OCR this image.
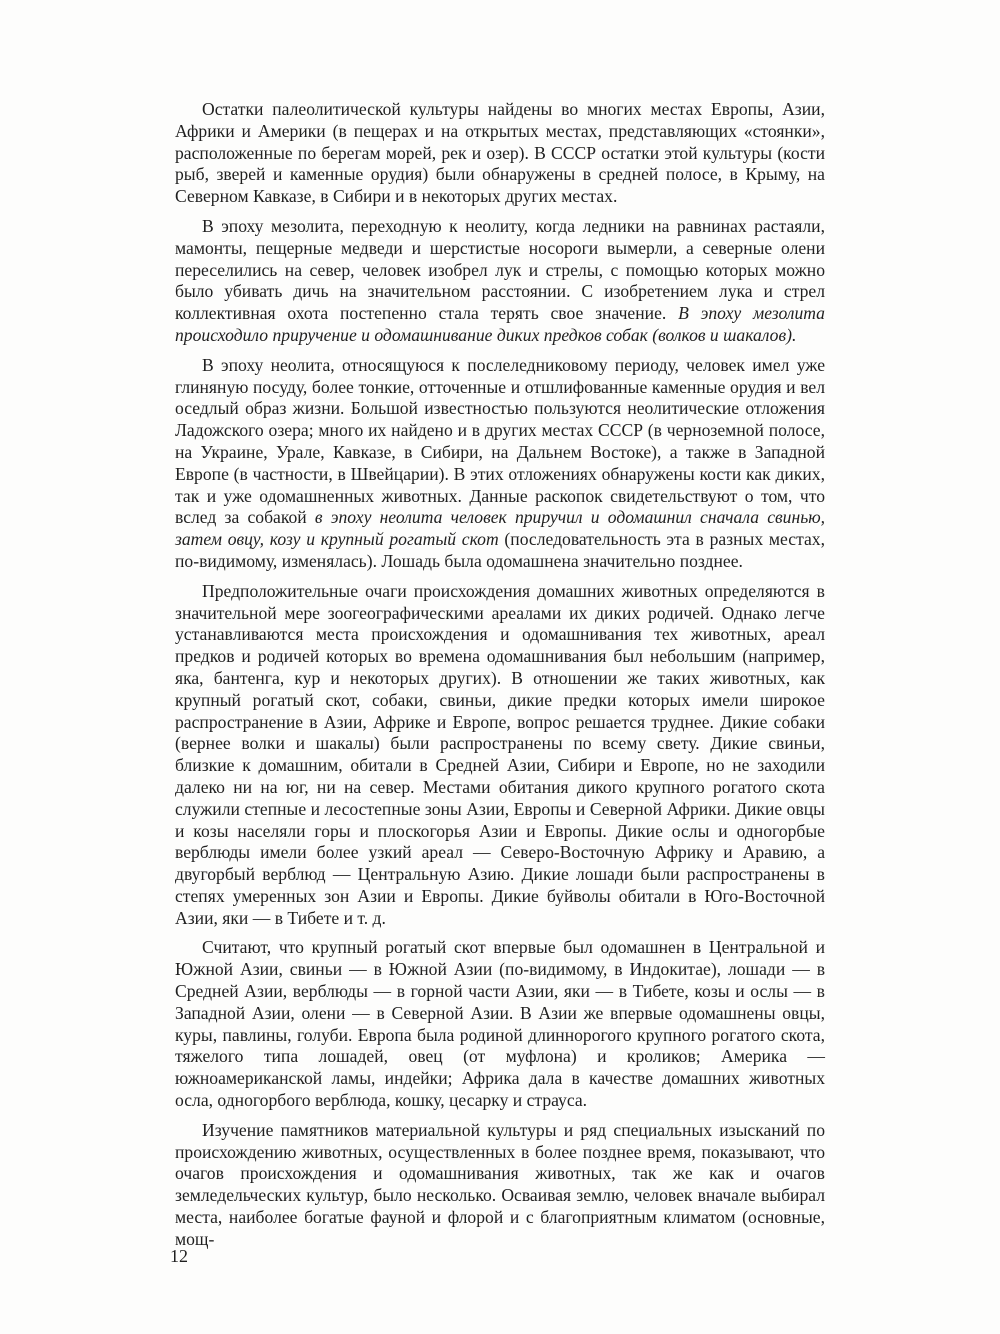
Остатки палеолитической культуры найдены во многих местах Европы, Азии, Африки и Америки (в пещерах и на открытых местах, представляющих «стоянки», расположенные по берегам морей, рек и озер). В СССР остатки этой культуры (кости рыб, зверей и каменные орудия) были обнаружены в средней полосе, в Крыму, на Северном Кавказе, в Сибири и в некоторых других местах.

В эпоху мезолита, переходную к неолиту, когда ледники на равнинах растаяли, мамонты, пещерные медведи и шерстистые носороги вымерли, а северные олени переселились на север, человек изобрел лук и стрелы, с помощью которых можно было убивать дичь на значительном расстоянии. С изобретением лука и стрел коллективная охота постепенно стала терять свое значение. В эпоху мезолита происходило приручение и одомашнивание диких предков собак (волков и шакалов).

В эпоху неолита, относящуюся к послеледниковому периоду, человек имел уже глиняную посуду, более тонкие, отточенные и отшлифованные каменные орудия и вел оседлый образ жизни. Большой известностью пользуются неолитические отложения Ладожского озера; много их найдено и в других местах СССР (в черноземной полосе, на Украине, Урале, Кавказе, в Сибири, на Дальнем Востоке), а также в Западной Европе (в частности, в Швейцарии). В этих отложениях обнаружены кости как диких, так и уже одомашненных животных. Данные раскопок свидетельствуют о том, что вслед за собакой в эпоху неолита человек приручил и одомашнил сначала свинью, затем овцу, козу и крупный рогатый скот (последовательность эта в разных местах, по-видимому, изменялась). Лошадь была одомашнена значительно позднее.

Предположительные очаги происхождения домашних животных определяются в значительной мере зоогеографическими ареалами их диких родичей. Однако легче устанавливаются места происхождения и одомашнивания тех животных, ареал предков и родичей которых во времена одомашнивания был небольшим (например, яка, бантенга, кур и некоторых других). В отношении же таких животных, как крупный рогатый скот, собаки, свиньи, дикие предки которых имели широкое распространение в Азии, Африке и Европе, вопрос решается труднее. Дикие собаки (вернее волки и шакалы) были распространены по всему свету. Дикие свиньи, близкие к домашним, обитали в Средней Азии, Сибири и Европе, но не заходили далеко ни на юг, ни на север. Местами обитания дикого крупного рогатого скота служили степные и лесостепные зоны Азии, Европы и Северной Африки. Дикие овцы и козы населяли горы и плоскогорья Азии и Европы. Дикие ослы и одногорбые верблюды имели более узкий ареал — Северо-Восточную Африку и Аравию, а двугорбый верблюд — Центральную Азию. Дикие лошади были распространены в степях умеренных зон Азии и Европы. Дикие буйволы обитали в Юго-Восточной Азии, яки — в Тибете и т. д.

Считают, что крупный рогатый скот впервые был одомашнен в Центральной и Южной Азии, свиньи — в Южной Азии (по-видимому, в Индокитае), лошади — в Средней Азии, верблюды — в горной части Азии, яки — в Тибете, козы и ослы — в Западной Азии, олени — в Северной Азии. В Азии же впервые одомашнены овцы, куры, павлины, голуби. Европа была родиной длиннорогого крупного рогатого скота, тяжелого типа лошадей, овец (от муфлона) и кроликов; Америка — южноамериканской ламы, индейки; Африка дала в качестве домашних животных осла, одногорбого верблюда, кошку, цесарку и страуса.

Изучение памятников материальной культуры и ряд специальных изысканий по происхождению животных, осуществленных в более позднее время, показывают, что очагов происхождения и одомашнивания животных, так же как и очагов земледельческих культур, было несколько. Осваивая землю, человек вначале выбирал места, наиболее богатые фауной и флорой и с благоприятным климатом (основные, мощ-

12
